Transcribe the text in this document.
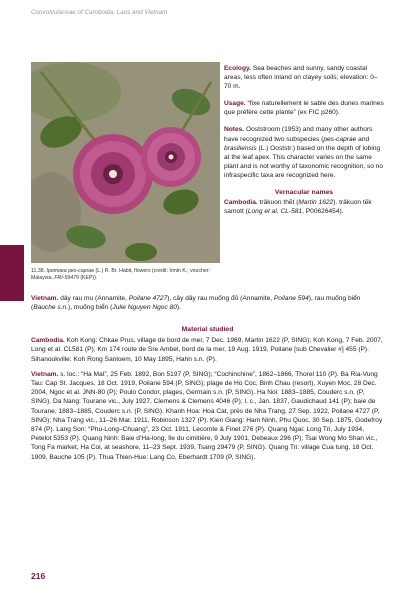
Convolvulaceae of Cambodia, Laos and Vietnam
11.38. Ipomoea pes-caprae (L.) R. Br. Habit, flowers (credit: Irmin K.; voucher: Malaysia, FRI-59479 (KEP)).

Ecology. Sea beaches and sunny, sandy coastal areas, less often inland on clayey soils; elevation: 0–70 m.

Usage. “fixe naturellement le sable des dunes marines que préfère cette plante” (ex FIC p260).

Notes. Ooststroom (1953) and many other authors have recognized two subspecies (pes-caprae and brasiliensis (L.) Ooststr.) based on the depth of lobing at the leaf apex. This character varies on the same plant and is not worthy of taxonomic recognition, so no infraspecific taxa are recognized here.

Vernacular names

Cambodia. trâkuon thĕt (Martin 1622). trâkuon tĕk samott (Long et al. CL-581, P00626454).

Vietnam. dây rau mu (Annamite, Poilane 4727), cây dây rau muống đỏ (Annamite, Poilane 594), rau muống biển (Bauche s.n.), muống biển (Julie Nguyen Ngoc 80).

Material studied

Cambodia. Koh Kong: Chkae Prus, village de bord de mer, 7 Dec. 1969, Martin 1622 (P, SING); Koh Kong, 7 Feb. 2007, Long et al. CL581 (P); Km 174 route de Sre Ambel, bord de la mer, 19 Aug. 1919, Poilane [sub Chevalier #] 455 (P). Sihanoukville: Koh Rong Sanloem, 10 May 1895, Hahn s.n. (P).

Vietnam. s. loc.: “Ha Mat”, 25 Feb. 1892, Bon 5197 (P, SING); “Cochinchine”, 1862–1866, Thorel 110 (P). Ba Ria-Vung Tau: Cap St. Jacques, 18 Oct. 1919, Poilane 594 (P, SING); plage de Ho Coc, Binh Chau (resort), Xuyen Moc, 28 Dec. 2004, Ngoc et al. JNN-80 (P); Poulo Condor, plages, Germain s.n. (P, SING). Ha Noi: 1883–1885, Couderc s.n. (P, SING). Da Nang: Tourane vic., July 1927, Clemens & Clemens 4046 (P); l. c., Jan. 1837, Gaudichaud 141 (P); baie de Tourane, 1883–1885, Couderc s.n. (P, SING). Khanh Hoa: Hoa Cat, près de Nha Trang, 27 Sep. 1922, Poilane 4727 (P, SING); Nha Trang vic., 11–26 Mar. 1911, Robinson 1327 (P). Kien Giang: Ham Ninh, Phu Quoc, 30 Sep. 1875, Godefroy 874 (P). Lang Son: “Phu-Long–Chuang”, 23 Oct. 1911, Lecomte & Finet 276 (P). Quang Ngai: Long Tri, July 1934, Petelot 5353 (P). Quang Ninh: Baie d’Ha-long, île du cimitière, 9 July 1901, Debeaux 296 (P); Tsai Wong Mo Shan vic., Tong Fa market, Ha Coi, at seashore, 11–23 Sept. 1939, Tsang 29479 (P, SING). Quang Tri: village Cua tung, 18 Oct. 1909, Bauche 105 (P). Thua Thien-Hue: Lang Co, Eberhardt 1709 (P, SING).

216
